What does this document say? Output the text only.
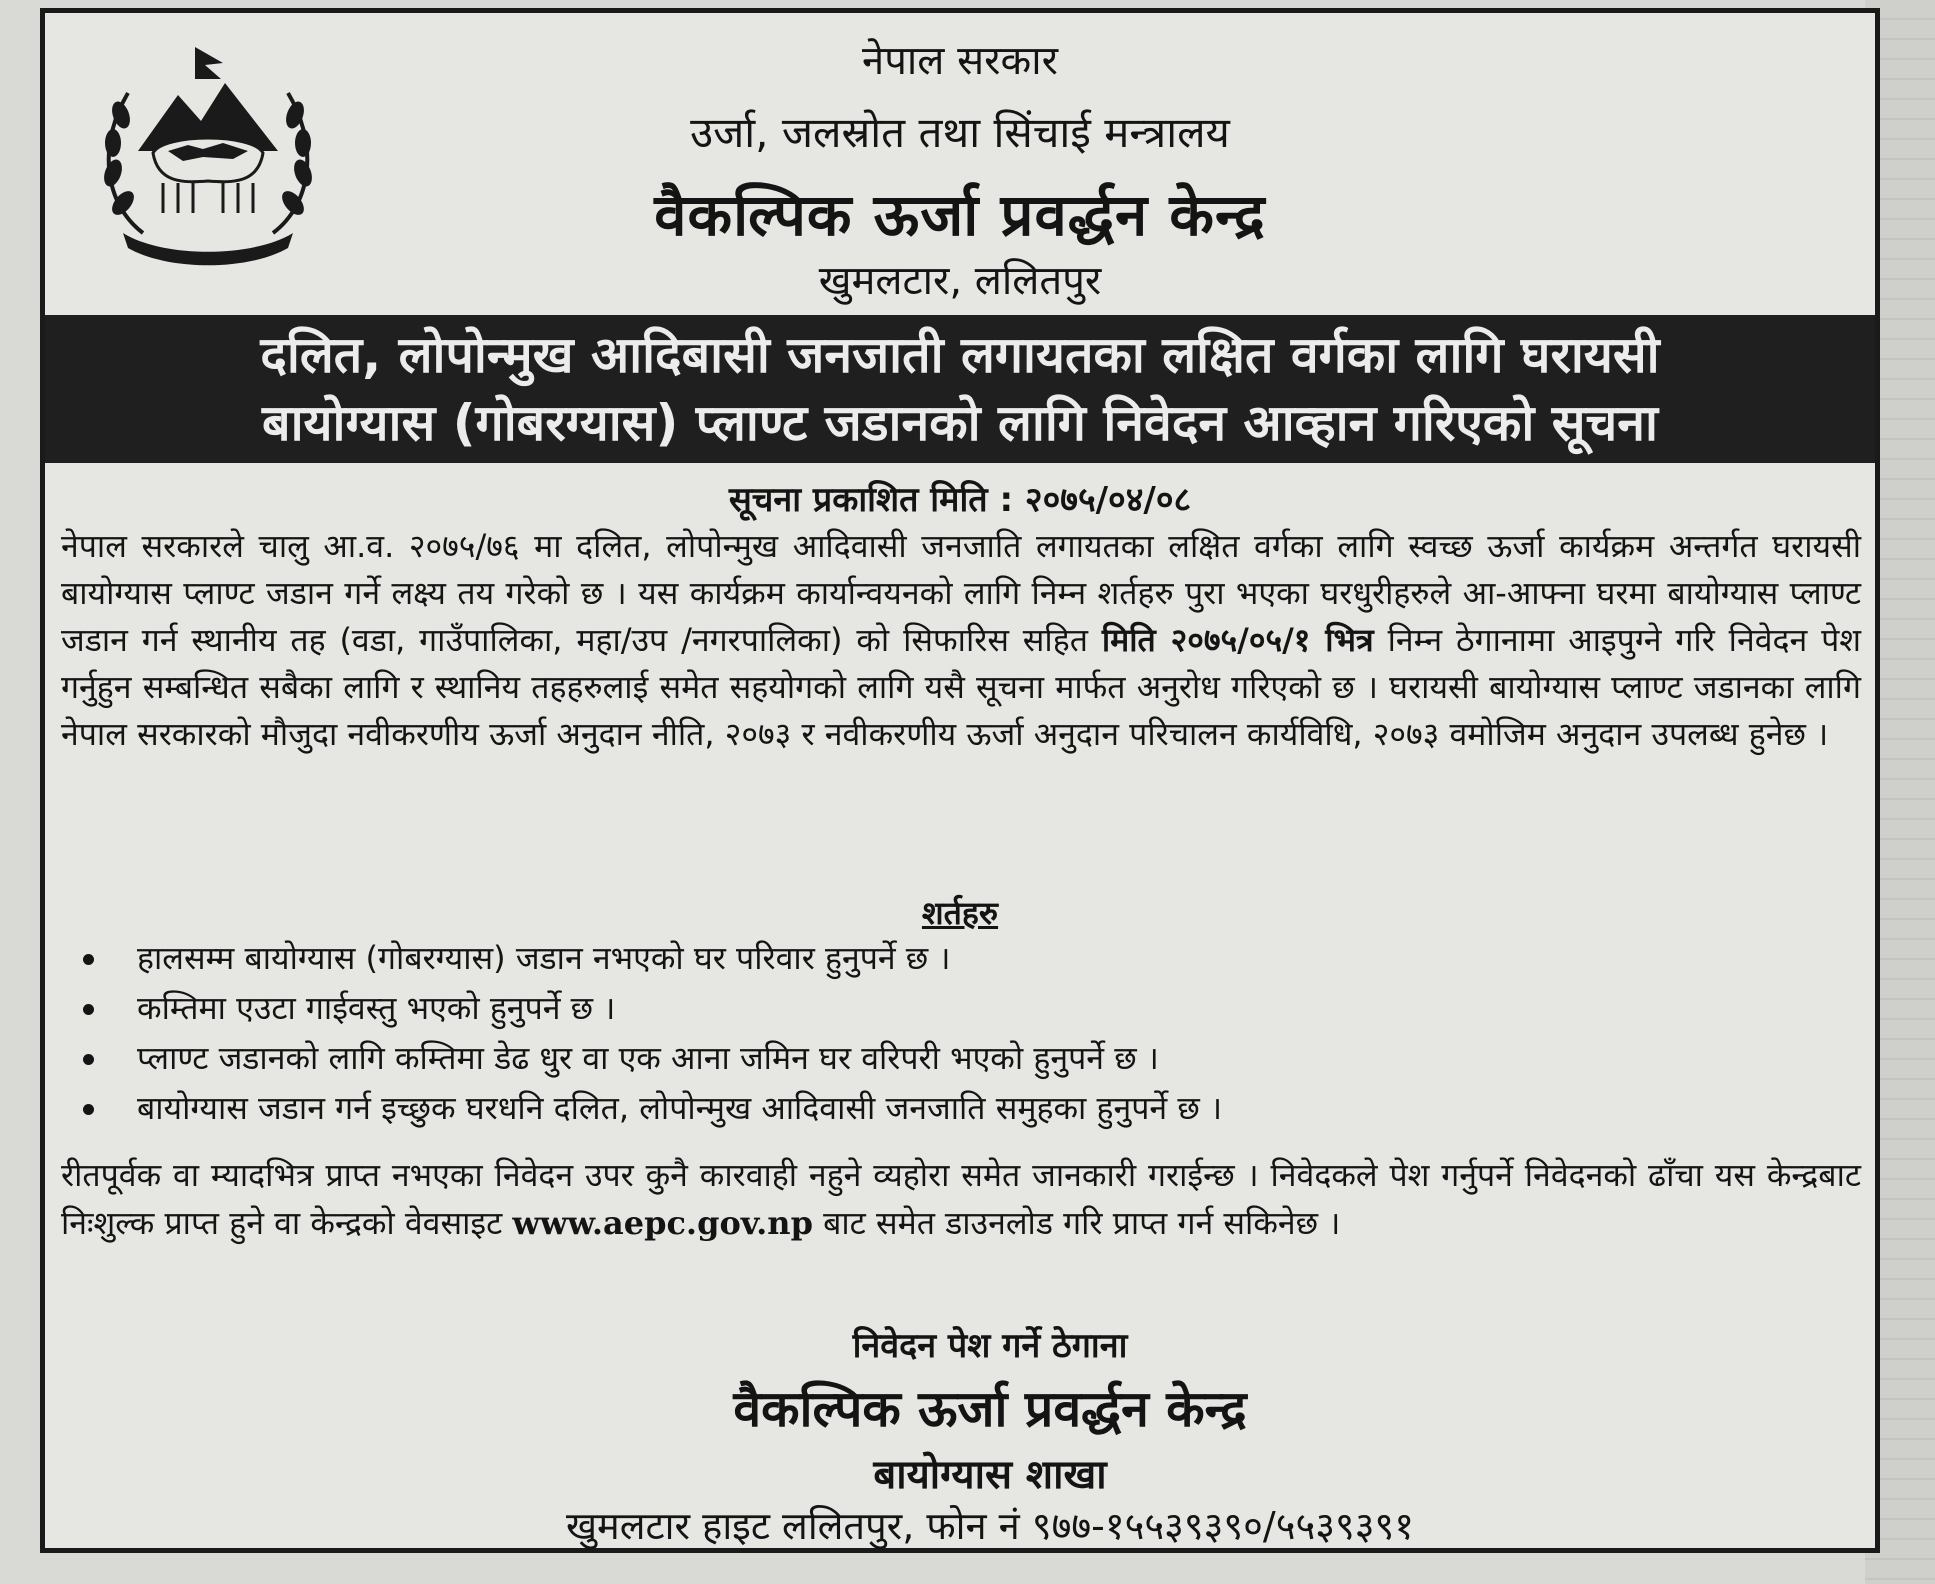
नेपाल सरकार
उर्जा, जलस्रोत तथा सिंचाई मन्त्रालय
वैकल्पिक ऊर्जा प्रवर्द्धन केन्द्र
खुमलटार, ललितपुर
दलित, लोपोन्मुख आदिबासी जनजाती लगायतका लक्षित वर्गका लागि घरायसी
बायोग्यास (गोबरग्यास) प्लाण्ट जडानको लागि निवेदन आव्हान गरिएको सूचना
सूचना प्रकाशित मिति : २०७५/०४/०८
नेपाल सरकारले चालु आ.व. २०७५/७६ मा दलित, लोपोन्मुख आदिवासी जनजाति लगायतका लक्षित वर्गका लागि स्वच्छ ऊर्जा कार्यक्रम अन्तर्गत घरायसी बायोग्यास प्लाण्ट जडान गर्ने लक्ष्य तय गरेको छ । यस कार्यक्रम कार्यान्वयनको लागि निम्न शर्तहरु पुरा भएका घरधुरीहरुले आ-आफ्ना घरमा बायोग्यास प्लाण्ट जडान गर्न स्थानीय तह (वडा, गाउँपालिका, महा/उप /नगरपालिका) को सिफारिस सहित मिति २०७५/०५/१ भित्र निम्न ठेगानामा आइपुग्ने गरि निवेदन पेश गर्नुहुन सम्बन्धित सबैका लागि र स्थानिय तहहरुलाई समेत सहयोगको लागि यसै सूचना मार्फत अनुरोध गरिएको छ । घरायसी बायोग्यास प्लाण्ट जडानका लागि नेपाल सरकारको मौजुदा नवीकरणीय ऊर्जा अनुदान नीति, २०७३ र नवीकरणीय ऊर्जा अनुदान परिचालन कार्यविधि, २०७३ वमोजिम अनुदान उपलब्ध हुनेछ ।
शर्तहरु
हालसम्म बायोग्यास (गोबरग्यास) जडान नभएको घर परिवार हुनुपर्ने छ ।
कम्तिमा एउटा गाईवस्तु भएको हुनुपर्ने छ ।
प्लाण्ट जडानको लागि कम्तिमा डेढ धुर वा एक आना जमिन घर वरिपरी भएको हुनुपर्ने छ ।
बायोग्यास जडान गर्न इच्छुक घरधनि दलित, लोपोन्मुख आदिवासी जनजाति समुहका हुनुपर्ने छ ।
रीतपूर्वक वा म्यादभित्र प्राप्त नभएका निवेदन उपर कुनै कारवाही नहुने व्यहोरा समेत जानकारी गराईन्छ । निवेदकले पेश गर्नुपर्ने निवेदनको ढाँचा यस केन्द्रबाट निःशुल्क प्राप्त हुने वा केन्द्रको वेवसाइट www.aepc.gov.np बाट समेत डाउनलोड गरि प्राप्त गर्न सकिनेछ ।
निवेदन पेश गर्ने ठेगाना
वैकल्पिक ऊर्जा प्रवर्द्धन केन्द्र
बायोग्यास शाखा
खुमलटार हाइट ललितपुर, फोन नं ९७७-१५५३९३९०/५५३९३९१
